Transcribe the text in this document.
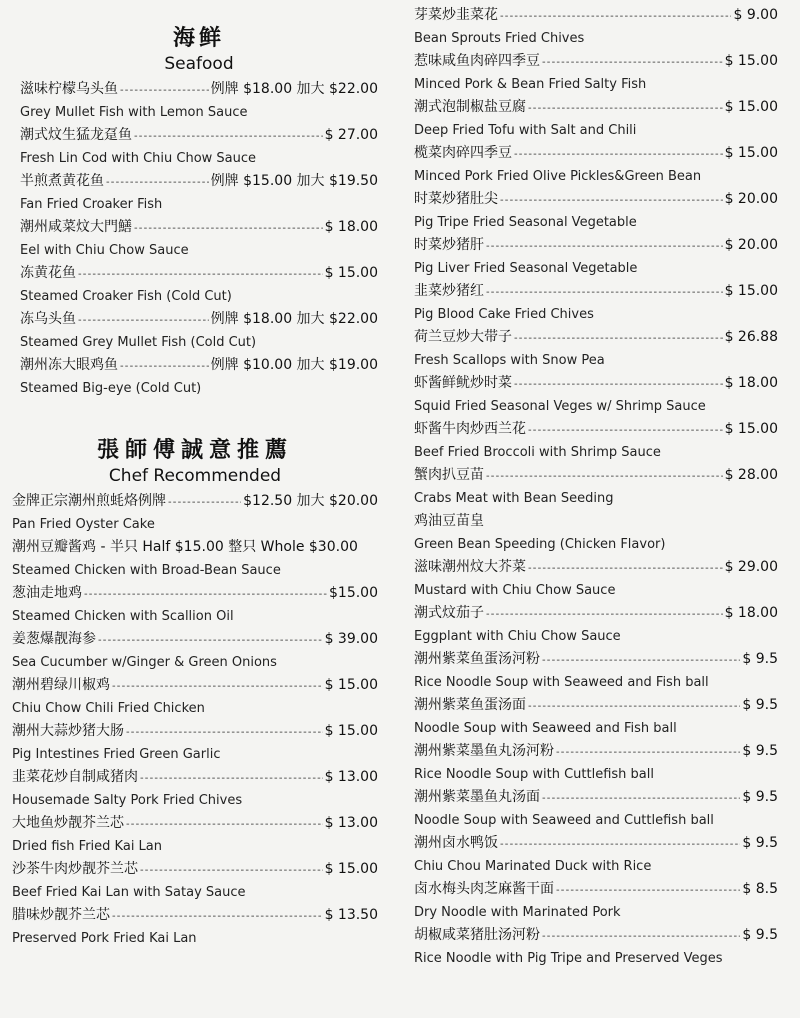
海鲜
Seafood
滋味柠檬乌头鱼 - - -	例牌 $18.00 加大 $22.00
Grey Mullet Fish with Lemon Sauce
潮式炆生猛龙趸鱼 - - -	$ 27.00
Fresh Lin Cod with Chiu Chow Sauce
半煎煮黄花鱼 - - -	例牌 $15.00 加大 $19.50
Fan Fried Croaker Fish
潮州咸菜炆大門鱔 - - -	$ 18.00
Eel with Chiu Chow Sauce
冻黄花鱼 - - -	$ 15.00
Steamed Croaker Fish (Cold Cut)
冻乌头鱼 - - -	例牌 $18.00 加大 $22.00
Steamed Grey Mullet Fish (Cold Cut)
潮州冻大眼鸡鱼 - - -	例牌 $10.00 加大 $19.00
Steamed Big-eye (Cold Cut)
張師傅誠意推薦
Chef Recommended
金牌正宗潮州煎蚝烙例牌 - - -	$12.50 加大 $20.00
Pan Fried Oyster Cake
潮州豆瓣酱鸡 - 半只 Half $15.00 整只 Whole $30.00
Steamed Chicken with Broad-Bean Sauce
葱油走地鸡 - - -	$15.00
Steamed Chicken with Scallion Oil
姜葱爆靓海参 - - -	$ 39.00
Sea Cucumber w/Ginger & Green Onions
潮州碧绿川椒鸡 - - -	$ 15.00
Chiu Chow Chili Fried Chicken
潮州大蒜炒猪大肠 - - -	$ 15.00
Pig Intestines Fried Green Garlic
韭菜花炒自制咸猪肉 - - -	$ 13.00
Housemade Salty Pork Fried Chives
大地鱼炒靓芥兰芯 - - -	$ 13.00
Dried fish Fried Kai Lan
沙茶牛肉炒靓芥兰芯 - - -	$ 15.00
Beef Fried Kai Lan with Satay Sauce
腊味炒靓芥兰芯 - - -	$ 13.50
Preserved Pork Fried Kai Lan
芽菜炒韭菜花 - - -	$ 9.00
Bean Sprouts Fried Chives
惹味咸鱼肉碎四季豆 - - -	$ 15.00
Minced Pork & Bean Fried Salty Fish
潮式泡制椒盐豆腐 - - -	$ 15.00
Deep Fried Tofu with Salt and Chili
榄菜肉碎四季豆 - - -	$ 15.00
Minced Pork Fried Olive Pickles&Green Bean
时菜炒猪肚尖 - - -	$ 20.00
Pig Tripe Fried Seasonal Vegetable
时菜炒猪肝 - - -	$ 20.00
Pig Liver Fried Seasonal Vegetable
韭菜炒猪红 - - -	$ 15.00
Pig Blood Cake Fried Chives
荷兰豆炒大带子 - - -	$ 26.88
Fresh Scallops with Snow Pea
虾酱鲜鱿炒时菜 - - -	$ 18.00
Squid Fried Seasonal Veges w/ Shrimp Sauce
虾酱牛肉炒西兰花 - - -	$ 15.00
Beef Fried Broccoli with Shrimp Sauce
蟹肉扒豆苗 - - -	$ 28.00
Crabs Meat with Bean Seeding
鸡油豆苗皇
Green Bean Speeding (Chicken Flavor)
滋味潮州炆大芥菜 - - -	$ 29.00
Mustard with Chiu Chow Sauce
潮式炆茄子 - - -	$ 18.00
Eggplant with Chiu Chow Sauce
潮州紫菜鱼蛋汤河粉 - - -	$ 9.5
Rice Noodle Soup with Seaweed and Fish ball
潮州紫菜鱼蛋汤面 - - -	$ 9.5
Noodle Soup with Seaweed and Fish ball
潮州紫菜墨鱼丸汤河粉 - - -	$ 9.5
Rice Noodle Soup with Cuttlefish ball
潮州紫菜墨鱼丸汤面 - - -	$ 9.5
Noodle Soup with Seaweed and Cuttlefish ball
潮州卤水鸭饭 - - -	$ 9.5
Chiu Chou Marinated Duck with Rice
卤水梅头肉芝麻酱干面 - - -	$ 8.5
Dry Noodle with Marinated Pork
胡椒咸菜猪肚汤河粉 - - -	$ 9.5
Rice Noodle with Pig Tripe and Preserved Veges
